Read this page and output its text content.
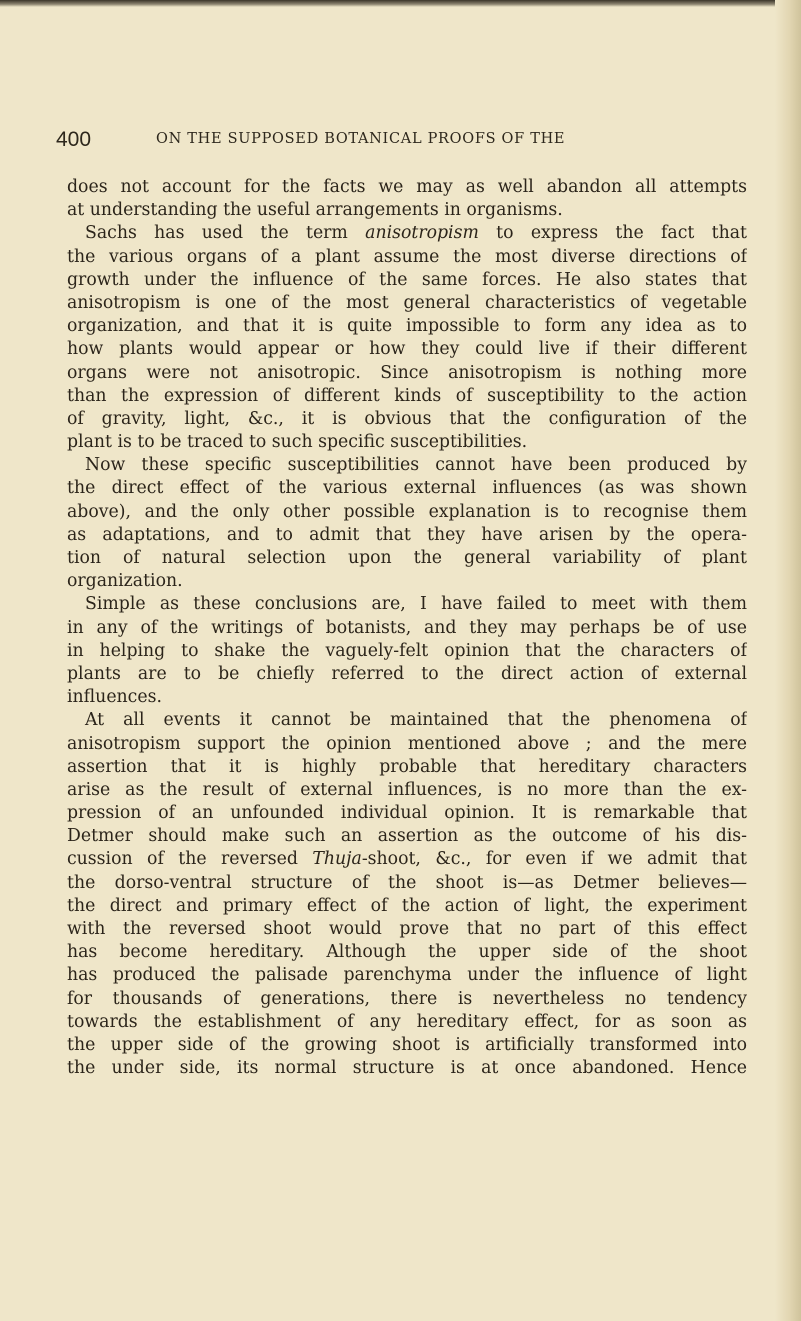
400	ON THE SUPPOSED BOTANICAL PROOFS OF THE
does not account for the facts we may as well abandon all attempts
at understanding the useful arrangements in organisms.
Sachs has used the term anisotropism to express the fact that
the various organs of a plant assume the most diverse directions of
growth under the influence of the same forces. He also states that
anisotropism is one of the most general characteristics of vegetable
organization, and that it is quite impossible to form any idea as to
how plants would appear or how they could live if their different
organs were not anisotropic. Since anisotropism is nothing more
than the expression of different kinds of susceptibility to the action
of gravity, light, &c., it is obvious that the configuration of the
plant is to be traced to such specific susceptibilities.
Now these specific susceptibilities cannot have been produced by
the direct effect of the various external influences (as was shown
above), and the only other possible explanation is to recognise them
as adaptations, and to admit that they have arisen by the opera-
tion of natural selection upon the general variability of plant
organization.
Simple as these conclusions are, I have failed to meet with them
in any of the writings of botanists, and they may perhaps be of use
in helping to shake the vaguely-felt opinion that the characters of
plants are to be chiefly referred to the direct action of external
influences.
At all events it cannot be maintained that the phenomena of
anisotropism support the opinion mentioned above ; and the mere
assertion that it is highly probable that hereditary characters
arise as the result of external influences, is no more than the ex-
pression of an unfounded individual opinion. It is remarkable that
Detmer should make such an assertion as the outcome of his dis-
cussion of the reversed Thuja-shoot, &c., for even if we admit that
the dorso-ventral structure of the shoot is—as Detmer believes—
the direct and primary effect of the action of light, the experiment
with the reversed shoot would prove that no part of this effect
has become hereditary. Although the upper side of the shoot
has produced the palisade parenchyma under the influence of light
for thousands of generations, there is nevertheless no tendency
towards the establishment of any hereditary effect, for as soon as
the upper side of the growing shoot is artificially transformed into
the under side, its normal structure is at once abandoned. Hence
